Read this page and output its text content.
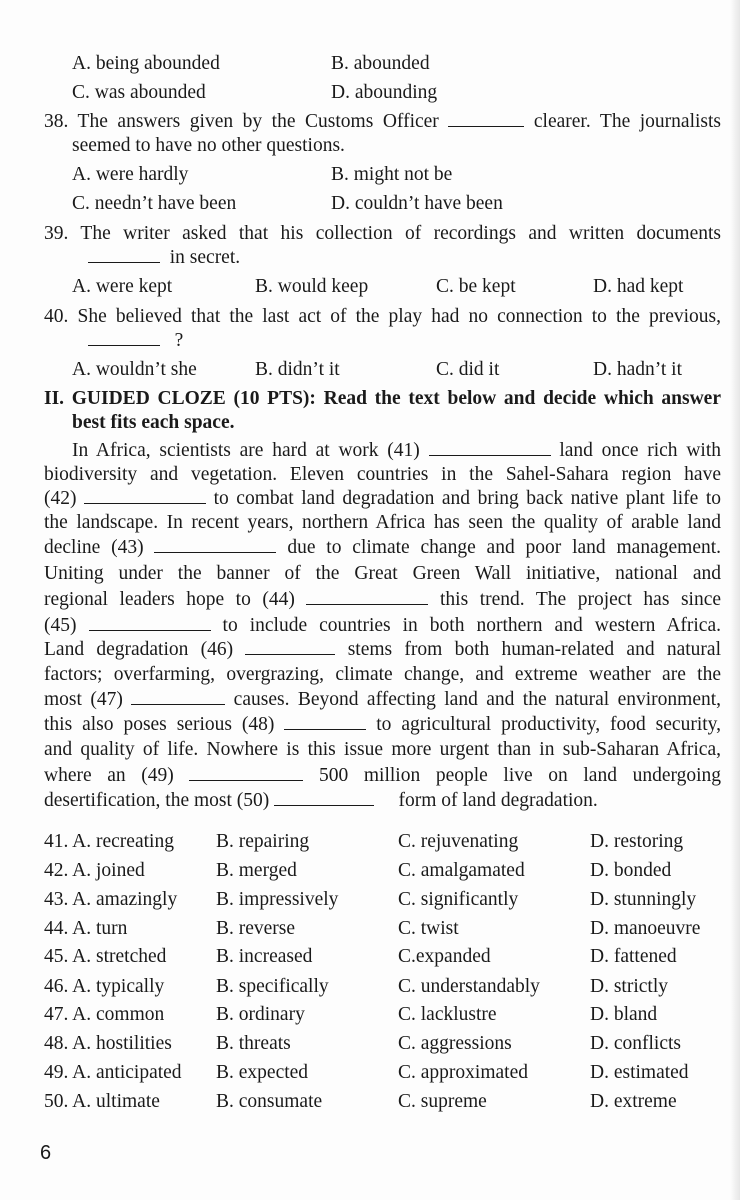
A. being abounded	B. abounded
C. was abounded	D. abounding
38. The answers given by the Customs Officer	clearer. The journalists
seemed to have no other questions.
A. were hardly	B. might not be
C. needn’t have been	D. couldn’t have been
39. The writer asked that his collection of recordings and written documents
in secret.
A. were kept	B. would keep	C. be kept	D. had kept
40. She believed that the last act of the play had no connection to the previous,
?
A. wouldn’t she	B. didn’t it	C. did it	D. hadn’t it
II. GUIDED CLOZE (10 PTS): Read the text below and decide which answer
best fits each space.
In Africa, scientists are hard at work (41)	land once rich with
biodiversity and vegetation. Eleven countries in the Sahel-Sahara region have
(42)	to combat land degradation and bring back native plant life to
the landscape. In recent years, northern Africa has seen the quality of arable land
decline (43)	due to climate change and poor land management.
Uniting under the banner of the Great Green Wall initiative, national and
regional leaders hope to (44)	this trend. The project has since
(45)	to include countries in both northern and western Africa.
Land degradation (46)	stems from both human-related and natural
factors; overfarming, overgrazing, climate change, and extreme weather are the
most (47)	causes. Beyond affecting land and the natural environment,
this also poses serious (48)	to agricultural productivity, food security,
and quality of life. Nowhere is this issue more urgent than in sub-Saharan Africa,
where an (49)	500 million people live on land undergoing
desertification, the most (50)	form of land degradation.
41. A. recreating B. repairing	C. rejuvenating	D. restoring
42. A. joined	B. merged	C. amalgamated	D. bonded
43. A. amazingly B. impressively	C. significantly	D. stunningly
44. A. turn	B. reverse	C. twist	D. manoeuvre
45. A. stretched	B. increased	C.expanded	D. fattened
46. A. typically	B. specifically	C. understandably	D. strictly
47. A. common	B. ordinary	C. lacklustre	D. bland
48. A. hostilities B. threats	C. aggressions	D. conflicts
49. A. anticipated B. expected	C. approximated	D. estimated
50. A. ultimate	B. consumate	C. supreme	D. extreme
6
